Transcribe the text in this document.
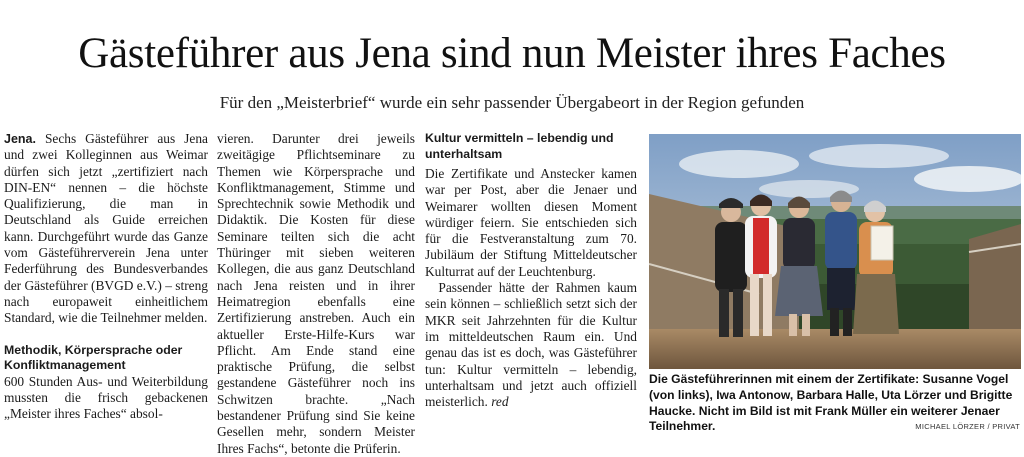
Gästeführer aus Jena sind nun Meister ihres Faches
Für den „Meisterbrief“ wurde ein sehr passender Übergabeort in der Region gefunden

Jena. Sechs Gästeführer aus Jena und zwei Kolleginnen aus Weimar dürfen sich jetzt „zertifiziert nach DIN-EN“ nennen – die höchste Qualifizierung, die man in Deutschland als Guide erreichen kann. Durchgeführt wurde das Ganze vom Gästeführerverein Jena unter Federführung des Bundesverbandes der Gästeführer (BVGD e.V.) – streng nach europaweit einheitlichem Standard, wie die Teilnehmer melden.

Methodik, Körpersprache oder Konfliktmanagement

600 Stunden Aus- und Weiterbildung mussten die frisch gebackenen „Meister ihres Faches“ absol-

vieren. Darunter drei jeweils zweitägige Pflichtseminare zu Themen wie Körpersprache und Konfliktmanagement, Stimme und Sprechtechnik sowie Methodik und Didaktik. Die Kosten für diese Seminare teilten sich die acht Thüringer mit sieben weiteren Kollegen, die aus ganz Deutschland nach Jena reisten und in ihrer Heimatregion ebenfalls eine Zertifizierung anstreben. Auch ein aktueller Erste-Hilfe-Kurs war Pflicht. Am Ende stand eine praktische Prüfung, die selbst gestandene Gästeführer noch ins Schwitzen brachte. „Nach bestandener Prüfung sind Sie keine Gesellen mehr, sondern Meister Ihres Fachs“, betonte die Prüferin.

Kultur vermitteln – lebendig und unterhaltsam

Die Zertifikate und Anstecker kamen war per Post, aber die Jenaer und Weimarer wollten diesen Moment würdiger feiern. Sie entschieden sich für die Festveranstaltung zum 70. Jubiläum der Stiftung Mitteldeutscher Kulturrat auf der Leuchtenburg.

 Passender hätte der Rahmen kaum sein können – schließlich setzt sich der MKR seit Jahrzehnten für die Kultur im mitteldeutschen Raum ein. Und genau das ist es doch, was Gästeführer tun: Kultur vermitteln – lebendig, unterhaltsam und jetzt auch offiziell meisterlich. red

Die Gästeführerinnen mit einem der Zertifikate: Susanne Vogel (von links), Iwa Antonow, Barbara Halle, Uta Lörzer und Brigitte Haucke. Nicht im Bild ist mit Frank Müller ein weiterer Jenaer Teilnehmer.	MICHAEL LÖRZER / PRIVAT
